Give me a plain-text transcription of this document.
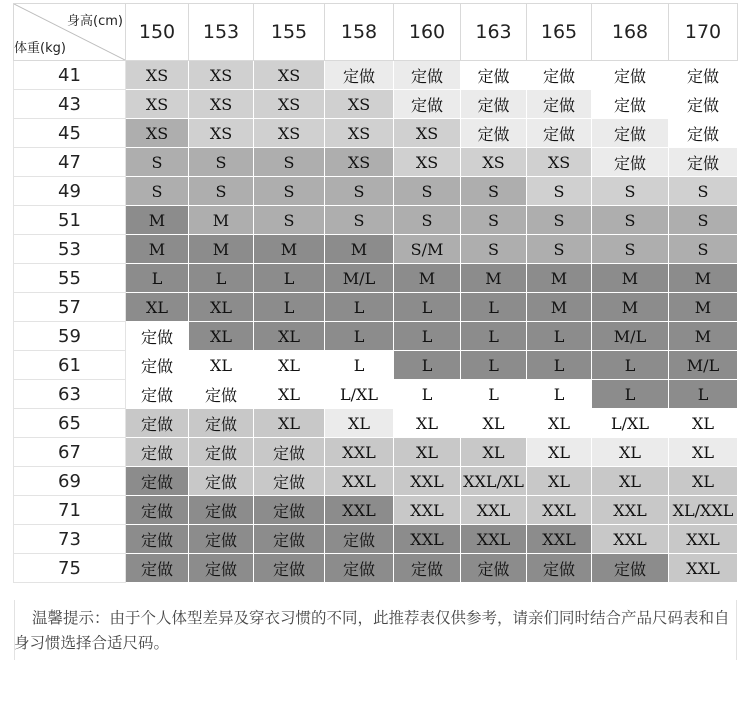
身高(cm)
体重(kg)	150	153	155	158	160	163	165	168	170
41	XS	XS	XS	定做	定做	定做	定做	定做	定做
43	XS	XS	XS	XS	定做	定做	定做	定做	定做
45	XS	XS	XS	XS	XS	定做	定做	定做	定做
47	S	S	S	XS	XS	XS	XS	定做	定做
49	S	S	S	S	S	S	S	S	S
51	M	M	S	S	S	S	S	S	S
53	M	M	M	M	S/M	S	S	S	S
55	L	L	L	M/L	M	M	M	M	M
57	XL	XL	L	L	L	L	M	M	M
59	定做	XL	XL	L	L	L	L	M/L	M
61	定做	XL	XL	L	L	L	L	L	M/L
63	定做	定做	XL	L/XL	L	L	L	L	L
65	定做	定做	XL	XL	XL	XL	XL	L/XL	XL
67	定做	定做	定做	XXL	XL	XL	XL	XL	XL
69	定做	定做	定做	XXL	XXL	XXL/XL	XL	XL	XL
71	定做	定做	定做	XXL	XXL	XXL	XXL	XXL	XL/XXL
73	定做	定做	定做	定做	XXL	XXL	XXL	XXL	XXL
75	定做	定做	定做	定做	定做	定做	定做	定做	XXL

温馨提示：由于个人体型差异及穿衣习惯的不同，此推荐表仅供参考，请亲们同时结合产品尺码表和自身习惯选择合适尺码。
